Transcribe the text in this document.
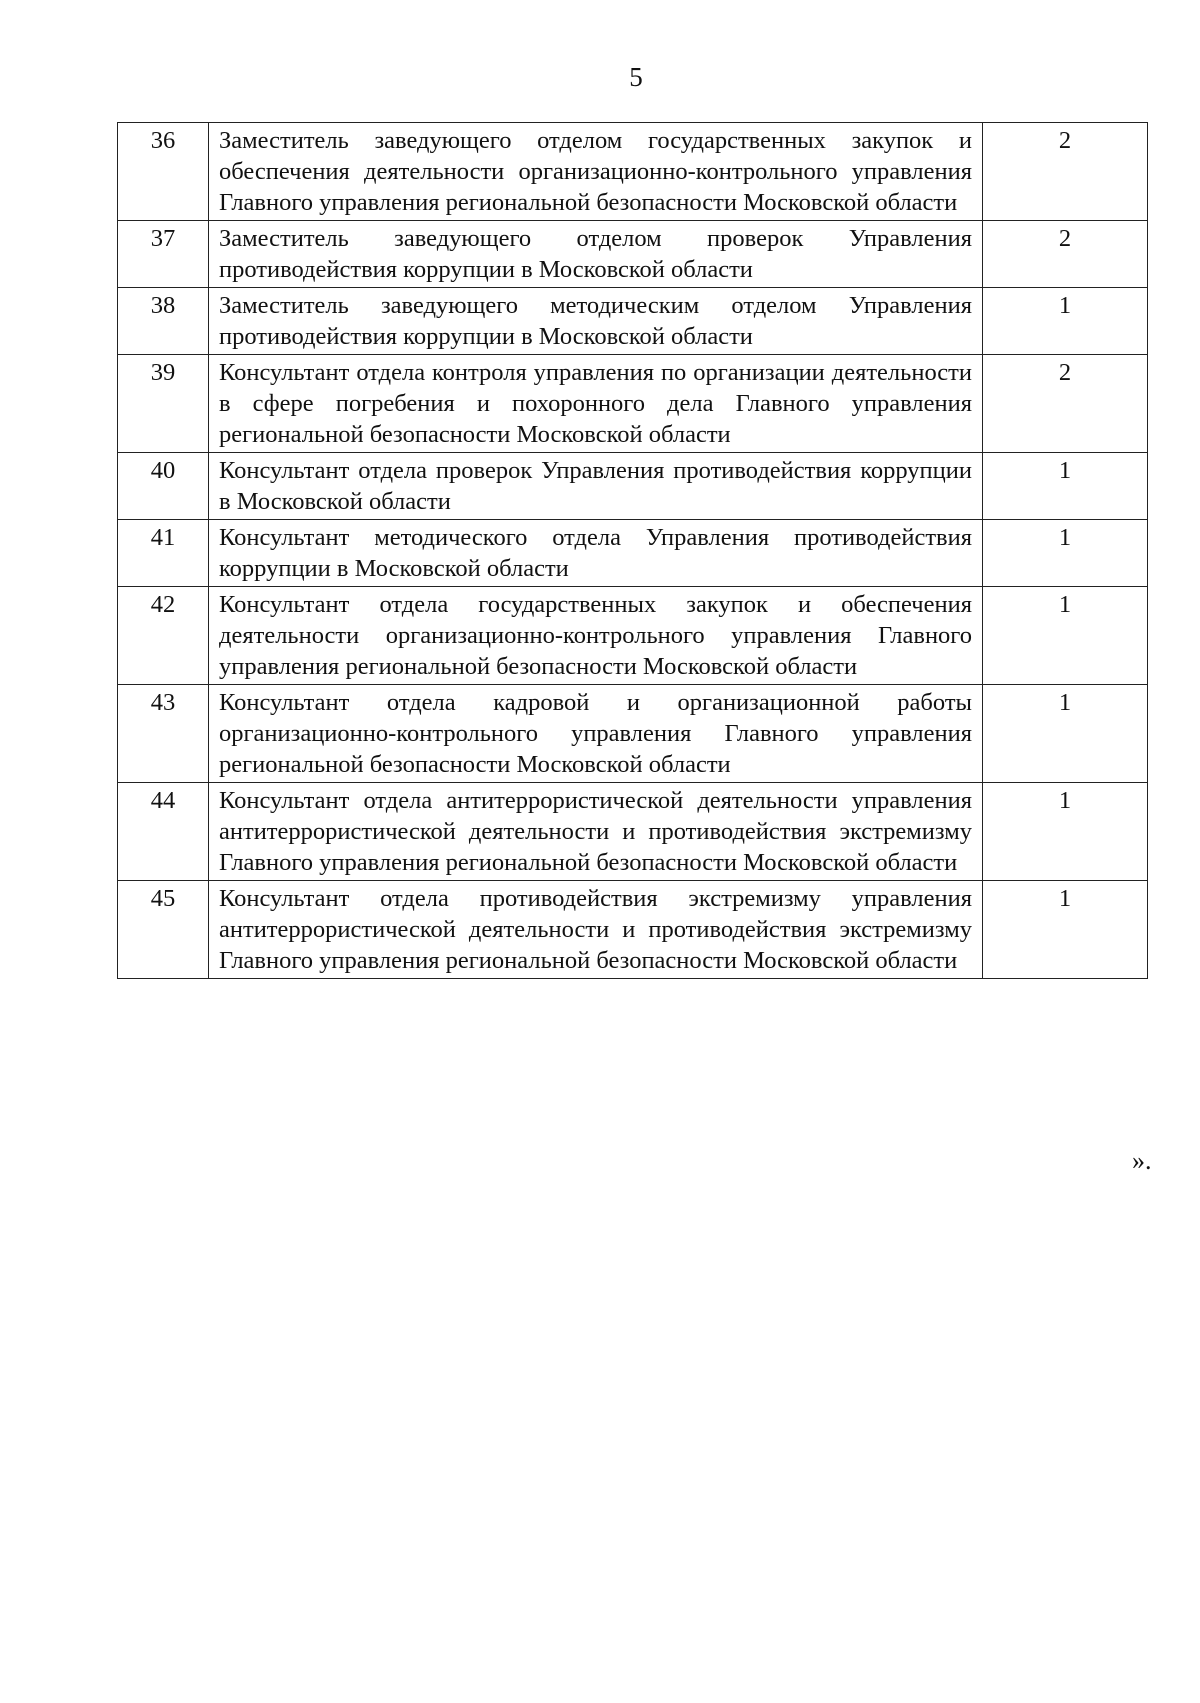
5
36	Заместитель заведующего отделом государственных закупок и обеспечения деятельности организационно-контрольного управления Главного управления региональной безопасности Московской области	2
37	Заместитель заведующего отделом проверок Управления противодействия коррупции в Московской области	2
38	Заместитель заведующего методическим отделом Управления противодействия коррупции в Московской области	1
39	Консультант отдела контроля управления по организации деятельности в сфере погребения и похоронного дела Главного управления региональной безопасности Московской области	2
40	Консультант отдела проверок Управления противодействия коррупции в Московской области	1
41	Консультант методического отдела Управления противодействия коррупции в Московской области	1
42	Консультант отдела государственных закупок и обеспечения деятельности организационно-контрольного управления Главного управления региональной безопасности Московской области	1
43	Консультант отдела кадровой и организационной работы организационно-контрольного управления Главного управления региональной безопасности Московской области	1
44	Консультант отдела антитеррористической деятельности управления антитеррористической деятельности и противодействия экстремизму Главного управления региональной безопасности Московской области	1
45	Консультант отдела противодействия экстремизму управления антитеррористической деятельности и противодействия экстремизму Главного управления региональной безопасности Московской области	1
».
